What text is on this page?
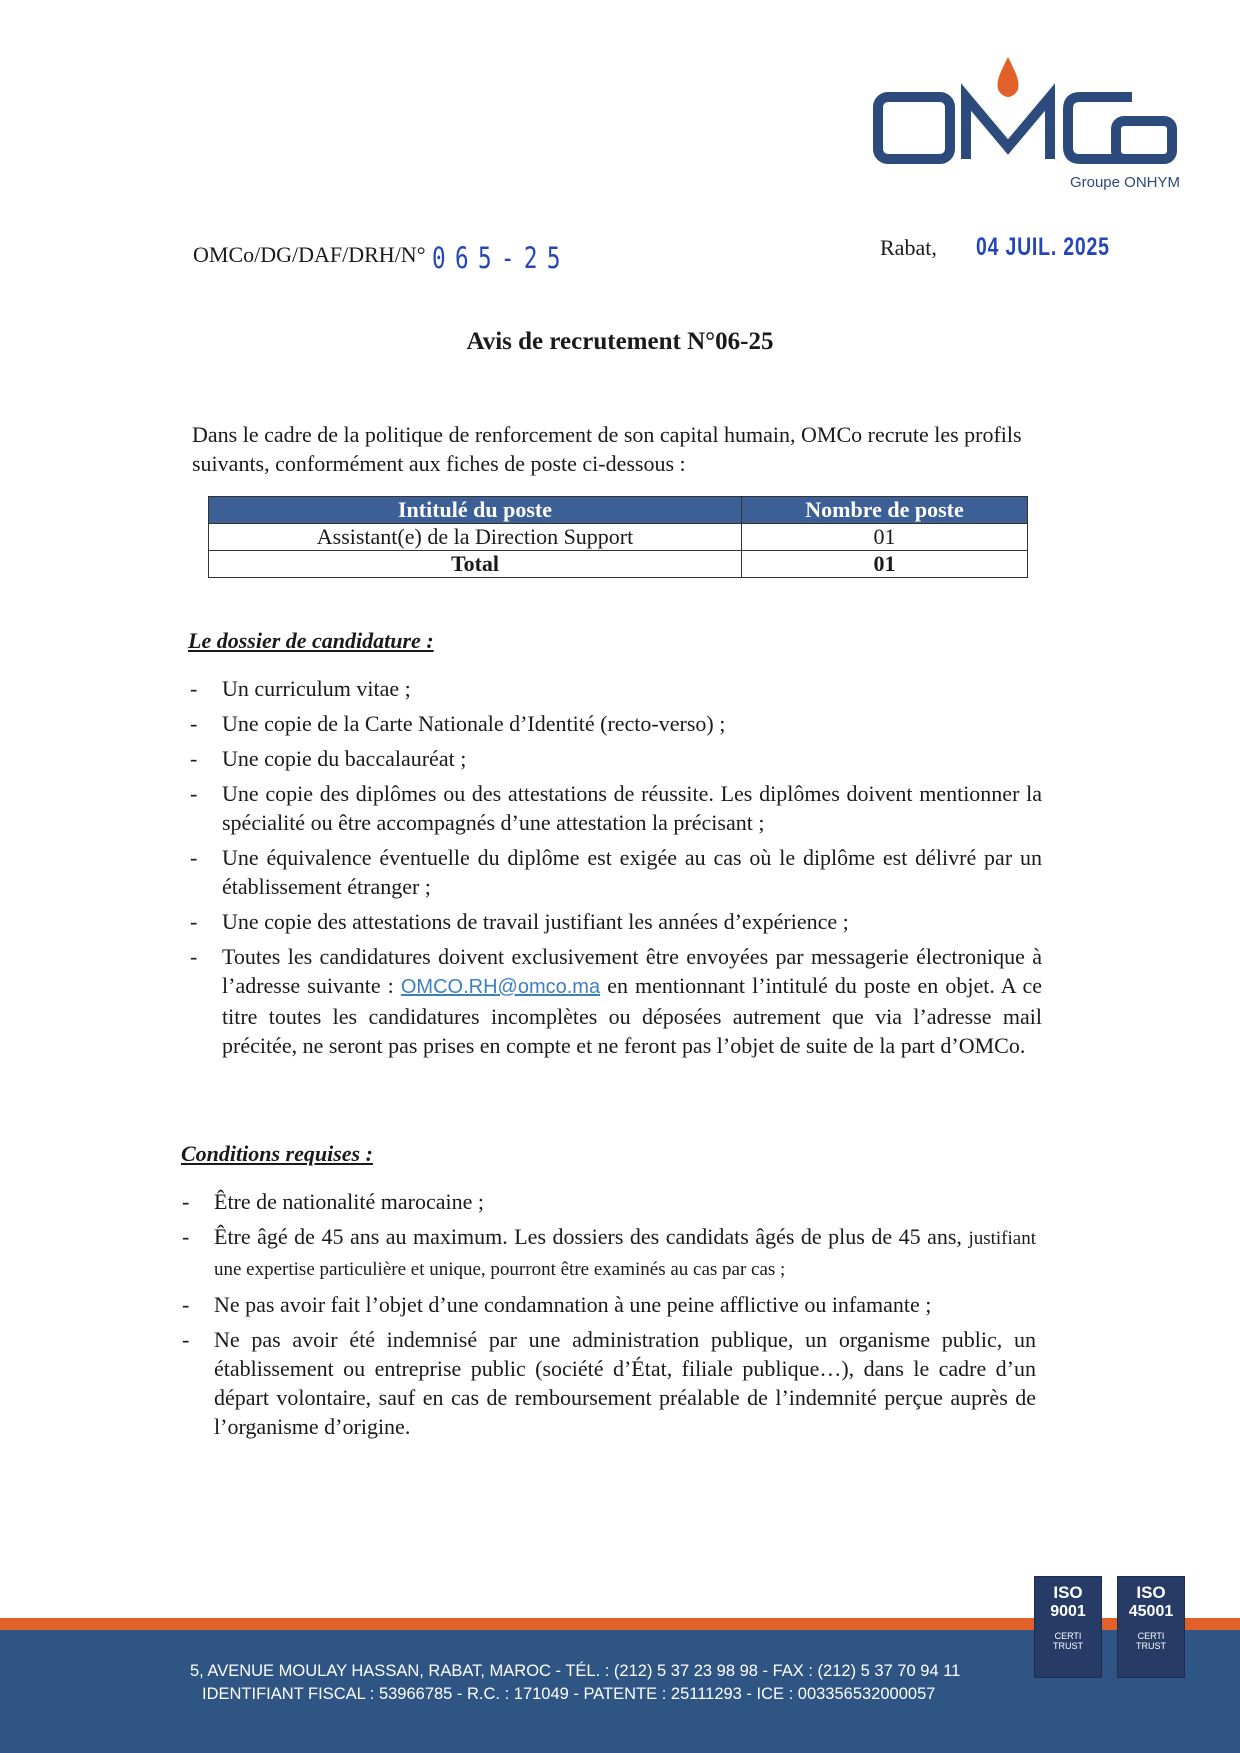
Groupe ONHYM
OMCo/DG/DAF/DRH/N° 065-25	Rabat, 04 JUIL. 2025
Avis de recrutement N°06-25

Dans le cadre de la politique de renforcement de son capital humain, OMCo recrute les profils suivants, conformément aux fiches de poste ci-dessous :

Intitulé du poste	Nombre de poste
Assistant(e) de la Direction Support	01
Total	01
Le dossier de candidature :
- Un curriculum vitae ;
- Une copie de la Carte Nationale d’Identité (recto-verso) ;
- Une copie du baccalauréat ;
- Une copie des diplômes ou des attestations de réussite. Les diplômes doivent mentionner la spécialité ou être accompagnés d’une attestation la précisant ;
- Une équivalence éventuelle du diplôme est exigée au cas où le diplôme est délivré par un établissement étranger ;
- Une copie des attestations de travail justifiant les années d’expérience ;
- Toutes les candidatures doivent exclusivement être envoyées par messagerie électronique à l’adresse suivante : OMCO.RH@omco.ma en mentionnant l’intitulé du poste en objet. A ce titre toutes les candidatures incomplètes ou déposées autrement que via l’adresse mail précitée, ne seront pas prises en compte et ne feront pas l’objet de suite de la part d’OMCo.
Conditions requises :
- Être de nationalité marocaine ;
- Être âgé de 45 ans au maximum. Les dossiers des candidats âgés de plus de 45 ans, justifiant une expertise particulière et unique, pourront être examinés au cas par cas ;
- Ne pas avoir fait l’objet d’une condamnation à une peine afflictive ou infamante ;
- Ne pas avoir été indemnisé par une administration publique, un organisme public, un établissement ou entreprise public (société d’État, filiale publique…), dans le cadre d’un départ volontaire, sauf en cas de remboursement préalable de l’indemnité perçue auprès de l’organisme d’origine.
5, AVENUE MOULAY HASSAN, RABAT, MAROC - TÉL. : (212) 5 37 23 98 98 - FAX : (212) 5 37 70 94 11
IDENTIFIANT FISCAL : 53966785 - R.C. : 171049 - PATENTE : 25111293 - ICE : 003356532000057
ISO
9001
CERTI
TRUST
ISO
45001
CERTI
TRUST
